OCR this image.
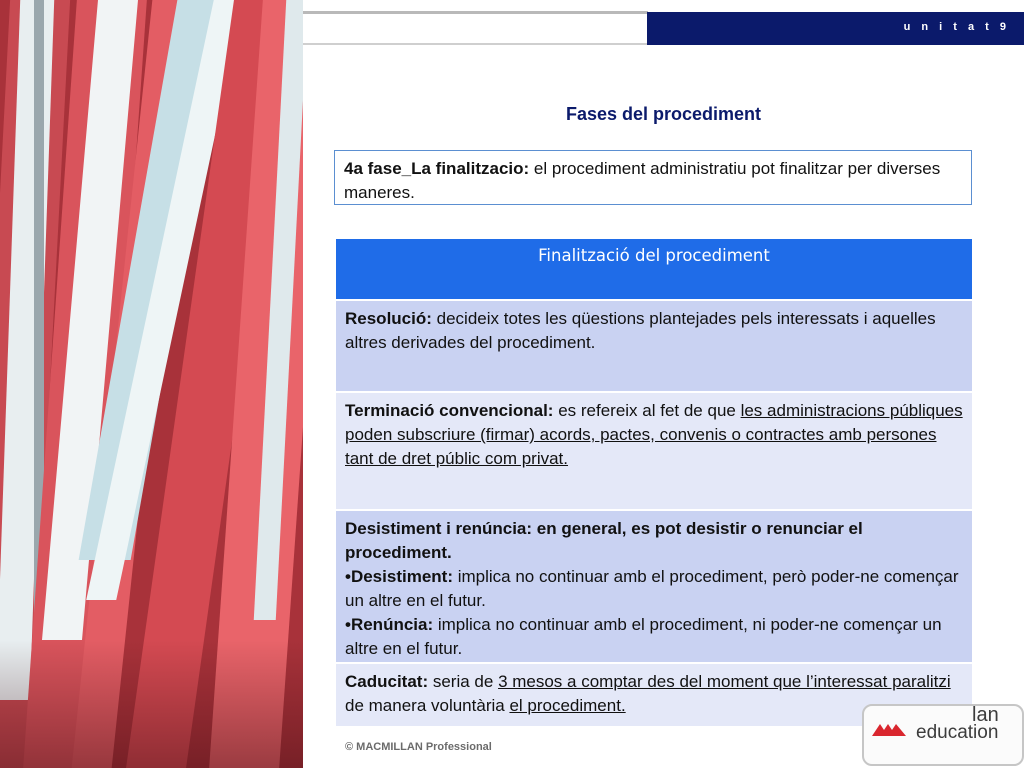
u n i t a t 9
Fases del procediment
4a fase_La finalitzacio: el procediment administratiu pot finalitzar per diverses maneres.
Finalització del procediment
Resolució: decideix totes les qüestions plantejades pels interessats i aquelles altres derivades del procediment.
Terminació convencional: es refereix al fet de que les administracions públiques poden subscriure (firmar) acords, pactes, convenis o contractes amb persones tant de dret públic com privat.
Desistiment i renúncia: en general, es pot desistir o renunciar el procediment.
•Desistiment: implica no continuar amb el procediment, però poder-ne començar un altre en el futur.
•Renúncia: implica no continuar amb el procediment, ni poder-ne començar un altre en el futur.
Caducitat: seria de 3 mesos a comptar des del moment que l’interessat paralitzi de manera voluntària el procediment.
© MACMILLAN Professional
lan
education
